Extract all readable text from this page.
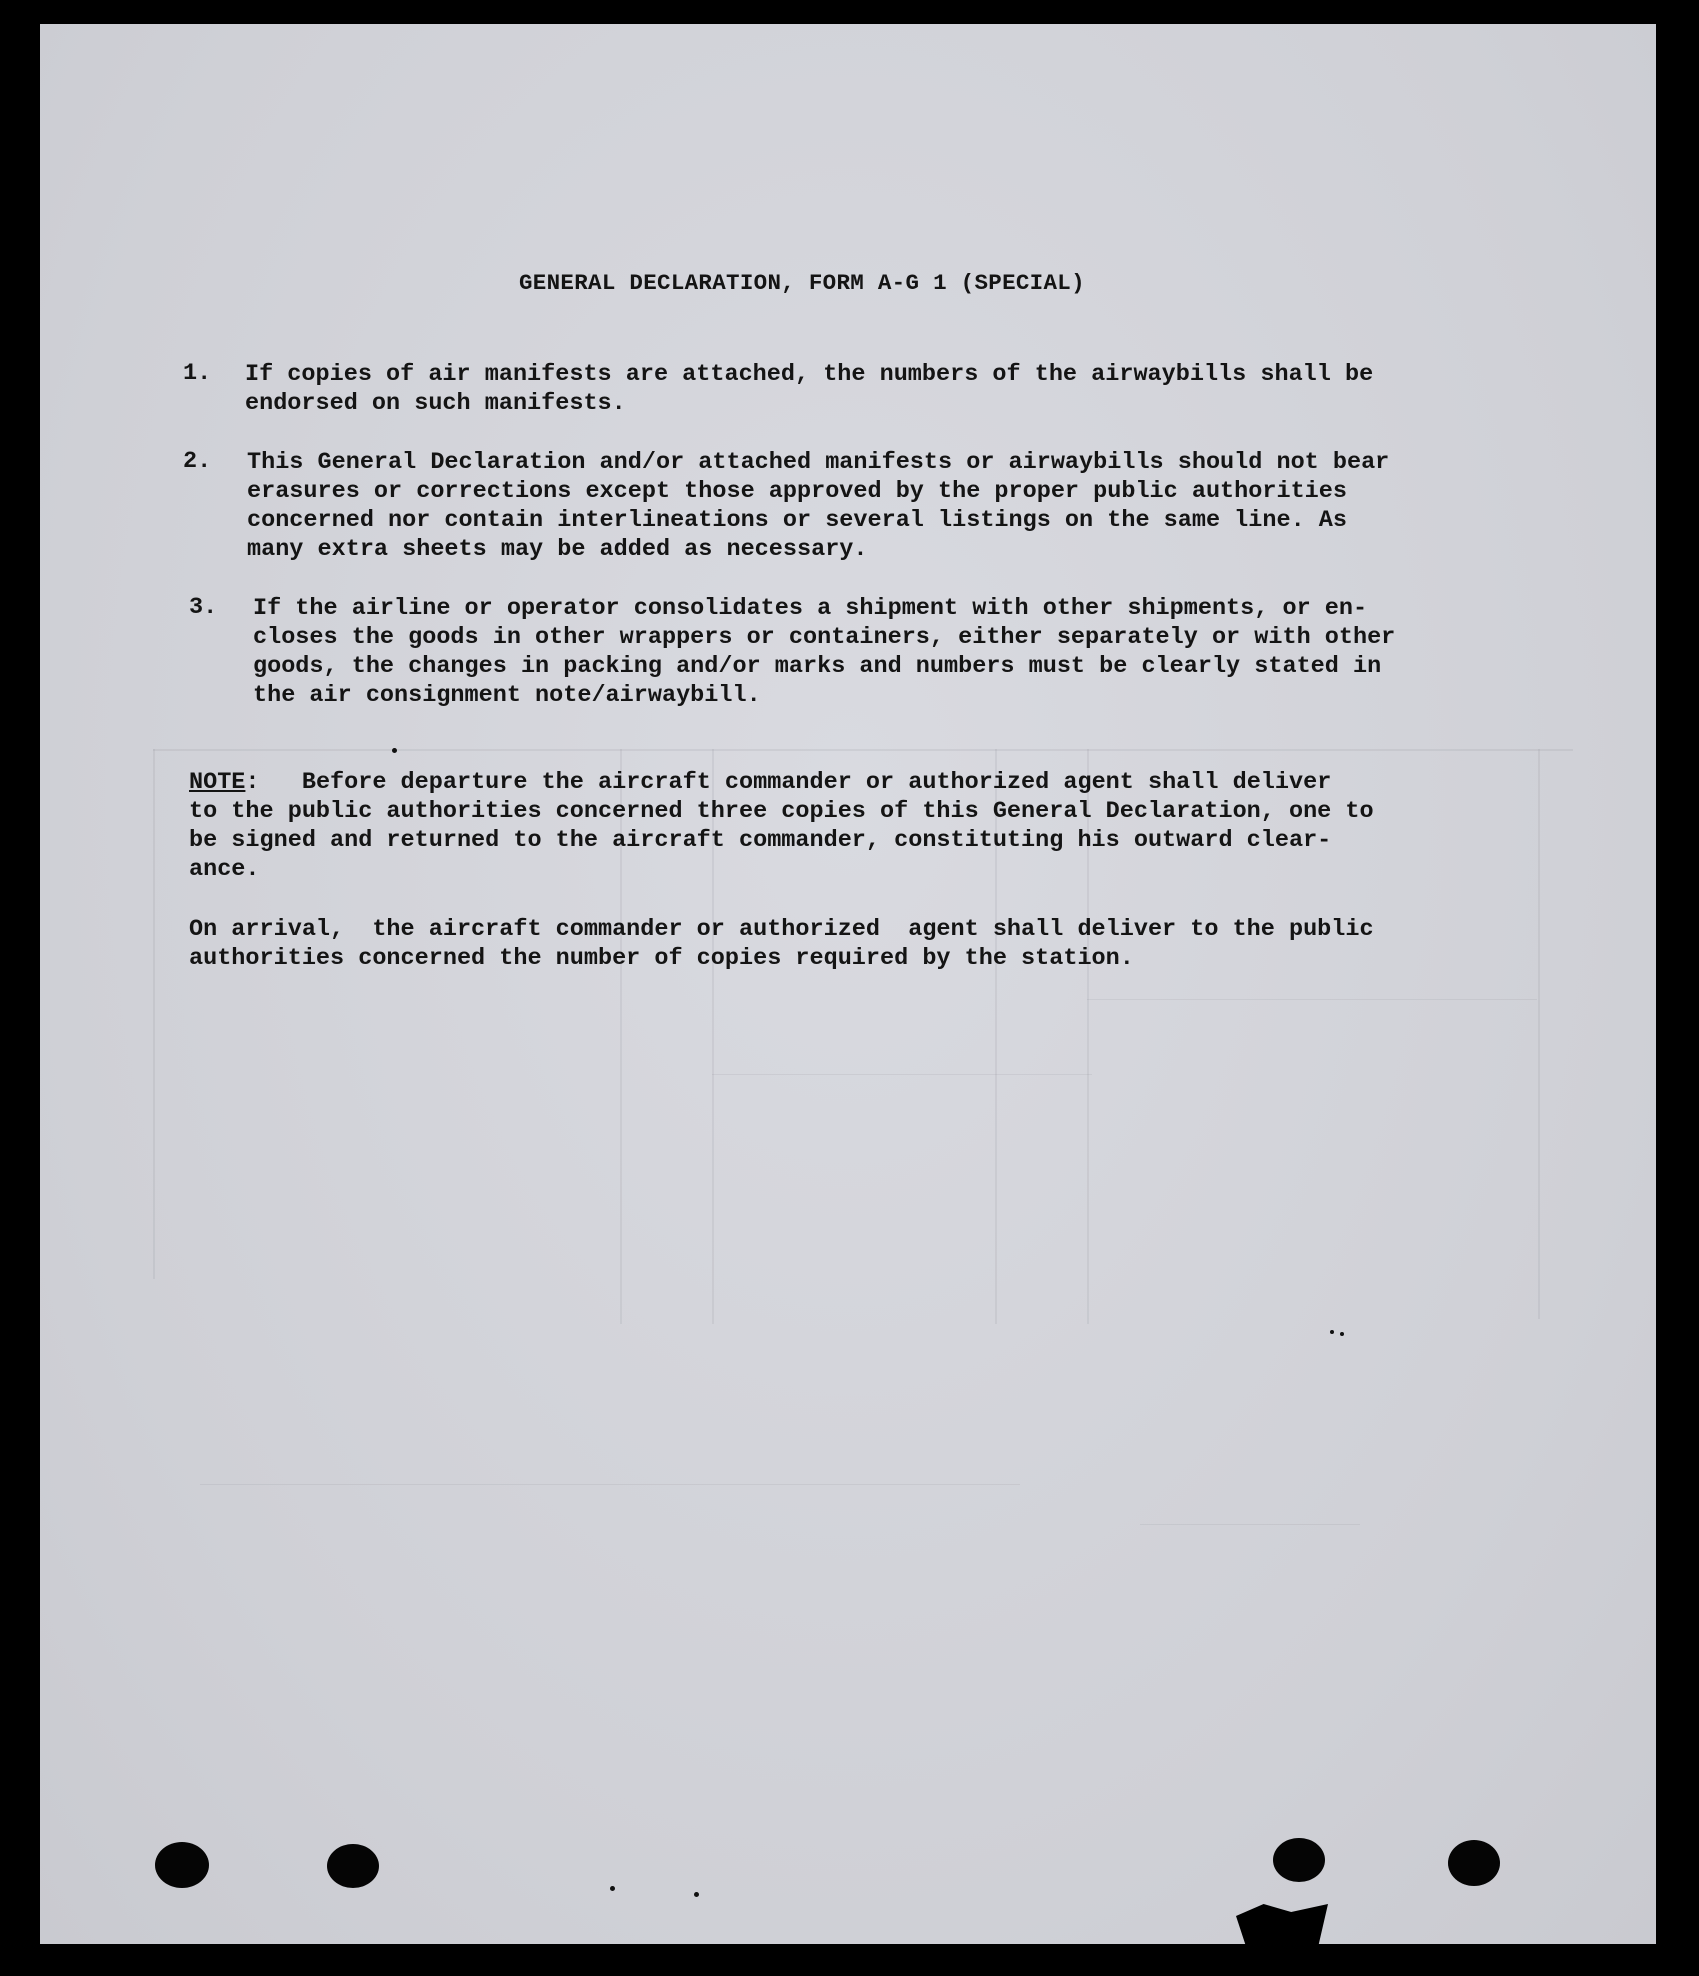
GENERAL DECLARATION, FORM A-G 1 (SPECIAL)
1. If copies of air manifests are attached, the numbers of the airwaybills shall be
endorsed on such manifests.
2. This General Declaration and/or attached manifests or airwaybills should not bear
erasures or corrections except those approved by the proper public authorities
concerned nor contain interlineations or several listings on the same line. As
many extra sheets may be added as necessary.
3. If the airline or operator consolidates a shipment with other shipments, or en-
closes the goods in other wrappers or containers, either separately or with other
goods, the changes in packing and/or marks and numbers must be clearly stated in
the air consignment note/airwaybill.
NOTE:   Before departure the aircraft commander or authorized agent shall deliver
to the public authorities concerned three copies of this General Declaration, one to
be signed and returned to the aircraft commander, constituting his outward clear-
ance.
On arrival,  the aircraft commander or authorized  agent shall deliver to the public
authorities concerned the number of copies required by the station.
